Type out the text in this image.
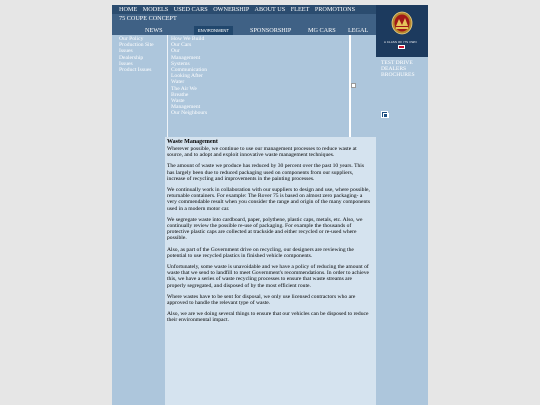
HOME MODELS USED CARS OWNERSHIP ABOUT US FLEET PROMOTIONS
75 COUPE CONCEPT
NEWS	ENVIRONMENT	SPONSORSHIP	MG CARS LEGAL
A CLASS OF ITS OWN
Our Policy
Production Site
Issues
Dealership
Issues
Product Issues
How We Build
Our Cars
Our
Management
Systems
Communication
Looking After
Water
The Air We
Breathe
Waste
Management
Our Neighbours
TEST DRIVE
DEALERS
BROCHURES
Waste Management

Wherever possible, we continue to use our management processes to reduce waste at source, and to adopt and exploit innovative waste management techniques.

The amount of waste we produce has reduced by 30 percent over the past 10 years. This has largely been due to reduced packaging used on components from our suppliers, increase of recycling and improvements in the painting processes.

We continually work in collaboration with our suppliers to design and use, where possible, returnable containers. For example: The Rover 75 is based on almost zero packaging- a very commendable result when you consider the range and origin of the many components used in a modern motor car.

We segregate waste into cardboard, paper, polythene, plastic caps, metals, etc. Also, we continually review the possible re-use of packaging. For example the thousands of protective plastic caps are collected at trackside and either recycled or re-used where possible.

Also, as part of the Government drive on recycling, our designers are reviewing the potential to use recycled plastics in finished vehicle components.

Unfortunately, some waste is unavoidable and we have a policy of reducing the amount of waste that we send to landfill to meet Government's recommendations. In order to achieve this, we have a series of waste recycling processes to ensure that waste streams are properly segregated, and disposed of by the most efficient route.

Where wastes have to be sent for disposal, we only use licensed contractors who are approved to handle the relevant type of waste.

Also, we are we doing several things to ensure that our vehicles can be disposed to reduce their environmental impact.
